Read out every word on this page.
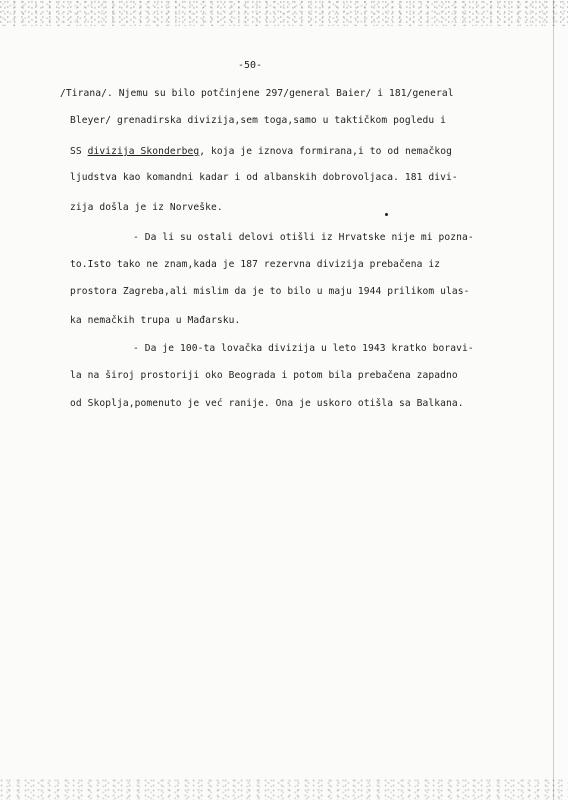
-50-
/Tirana/. Njemu su bilo potčinjene 297/general Baier/ i 181/general
Bleyer/ grenadirska divizija,sem toga,samo u taktičkom pogledu i
SS divizija Skonderbeg, koja je iznova formirana,i to od nemačkog
ljudstva kao komandni kadar i od albanskih dobrovoljaca. 181 divi-
zija došla je iz Norveške.
- Da li su ostali delovi otišli iz Hrvatske nije mi pozna-
to.Isto tako ne znam,kada je 187 rezervna divizija prebačena iz
prostora Zagreba,ali mislim da je to bilo u maju 1944 prilikom ulas-
ka nemačkih trupa u Mađarsku.
- Da je 100-ta lovačka divizija u leto 1943 kratko boravi-
la na široj prostoriji oko Beograda i potom bila prebačena zapadno
od Skoplja,pomenuto je već ranije. Ona je uskoro otišla sa Balkana.
